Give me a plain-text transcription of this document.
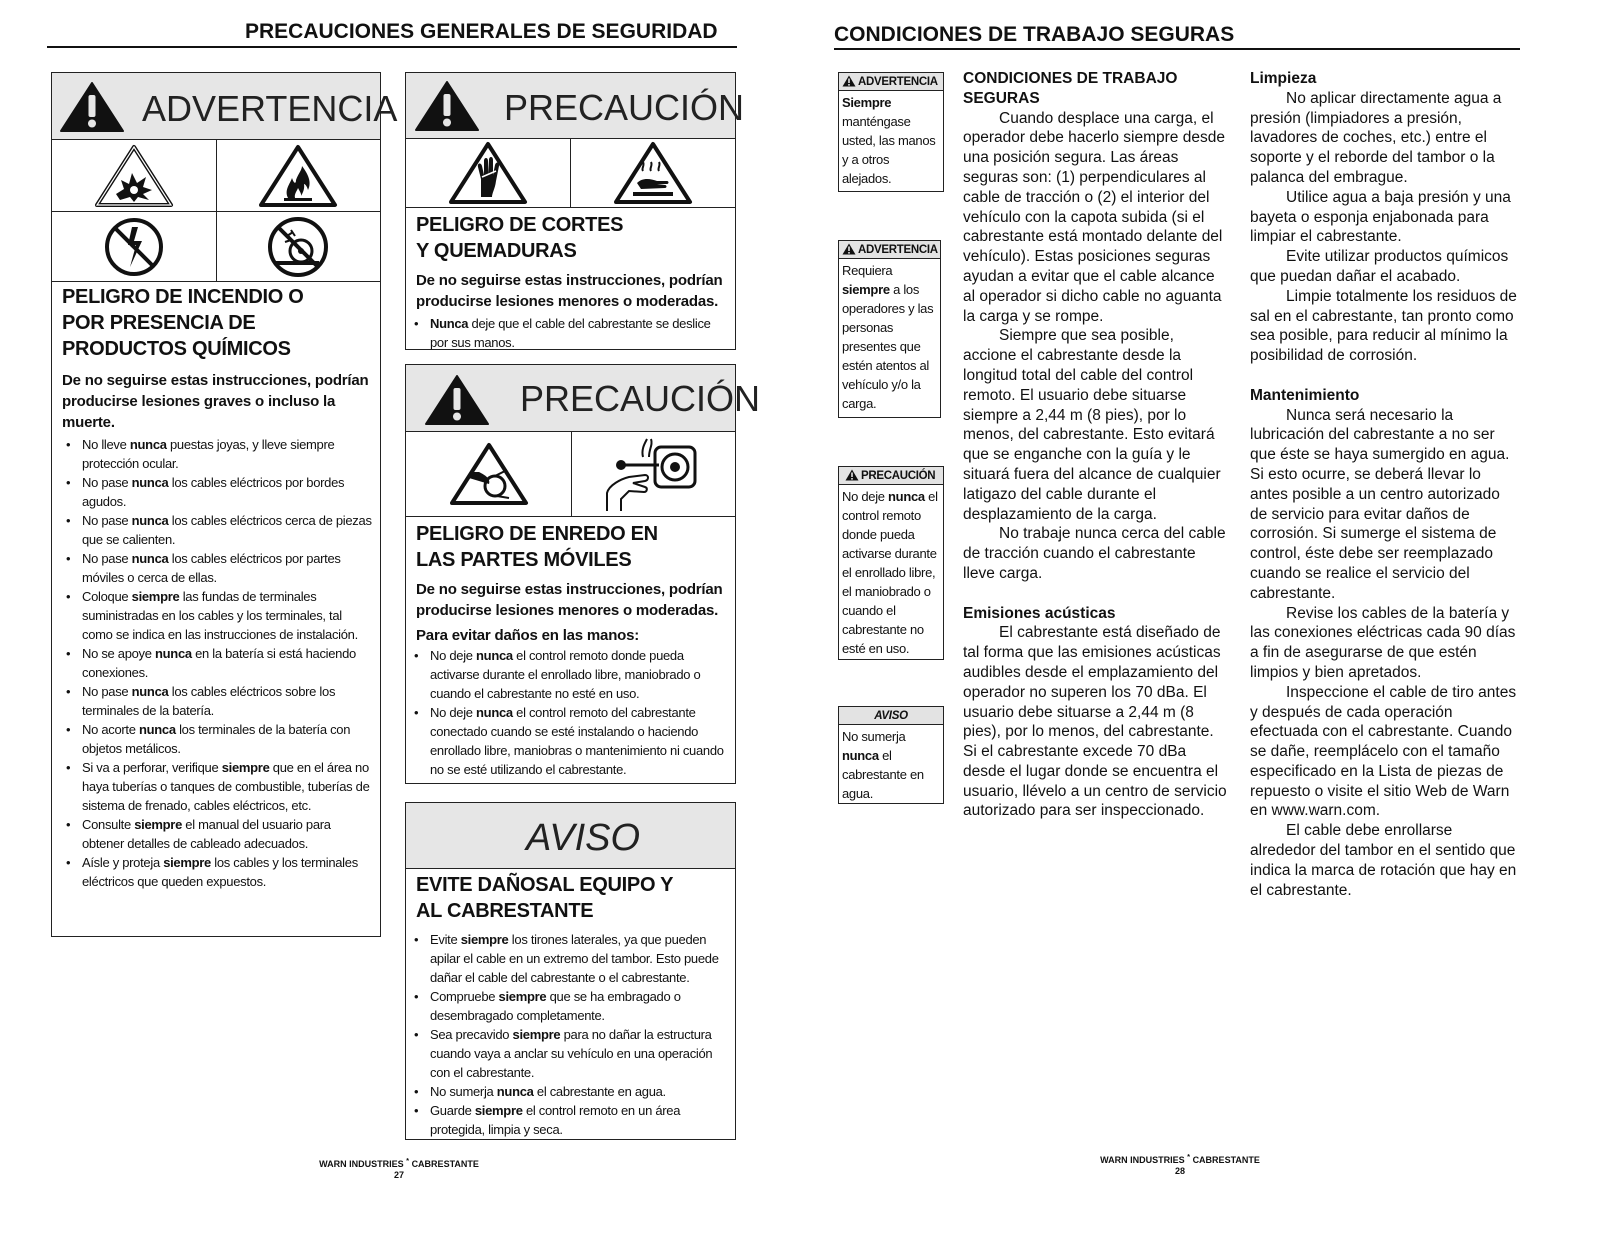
PRECAUCIONES GENERALES DE SEGURIDAD
ADVERTENCIA
PELIGRO DE INCENDIO O POR PRESENCIA DE PRODUCTOS QUÍMICOS
De no seguirse estas instrucciones, podrían producirse lesiones graves o incluso la muerte.
• No lleve nunca puestas joyas, y lleve siempre protección ocular.
• No pase nunca los cables eléctricos por bordes agudos.
• No pase nunca los cables eléctricos cerca de piezas que se calienten.
• No pase nunca los cables eléctricos por partes móviles o cerca de ellas.
• Coloque siempre las fundas de terminales suministradas en los cables y los terminales, tal como se indica en las instrucciones de instalación.
• No se apoye nunca en la batería si está haciendo conexiones.
• No pase nunca los cables eléctricos sobre los terminales de la batería.
• No acorte nunca los terminales de la batería con objetos metálicos.
• Si va a perforar, verifique siempre que en el área no haya tuberías o tanques de combustible, tuberías de sistema de frenado, cables eléctricos, etc.
• Consulte siempre el manual del usuario para obtener detalles de cableado adecuados.
• Aísle y proteja siempre los cables y los terminales eléctricos que queden expuestos.
PRECAUCIÓN
PELIGRO DE CORTES Y QUEMADURAS
De no seguirse estas instrucciones, podrían producirse lesiones menores o moderadas.
• Nunca deje que el cable del cabrestante se deslice por sus manos.
PRECAUCIÓN
PELIGRO DE ENREDO EN LAS PARTES MÓVILES
De no seguirse estas instrucciones, podrían producirse lesiones menores o moderadas.
Para evitar daños en las manos:
• No deje nunca el control remoto donde pueda activarse durante el enrollado libre, maniobrado o cuando el cabrestante no esté en uso.
• No deje nunca el control remoto del cabrestante conectado cuando se esté instalando o haciendo enrollado libre, maniobras o mantenimiento ni cuando no se esté utilizando el cabrestante.
AVISO
EVITE DAÑOSAL EQUIPO Y AL CABRESTANTE
• Evite siempre los tirones laterales, ya que pueden apilar el cable en un extremo del tambor. Esto puede dañar el cable del cabrestante o el cabrestante.
• Compruebe siempre que se ha embragado o desembragado completamente.
• Sea precavido siempre para no dañar la estructura cuando vaya a anclar su vehículo en una operación con el cabrestante.
• No sumerja nunca el cabrestante en agua.
• Guarde siempre el control remoto en un área protegida, limpia y seca.
WARN INDUSTRIES * CABRESTANTE
27
CONDICIONES DE TRABAJO SEGURAS
ADVERTENCIA
Siempre manténgase usted, las manos y a otros alejados.
ADVERTENCIA
Requiera siempre a los operadores y las personas presentes que estén atentos al vehículo y/o la carga.
PRECAUCIÓN
No deje nunca el control remoto donde pueda activarse durante el enrollado libre, el maniobrado o cuando el cabrestante no esté en uso.
AVISO
No sumerja nunca el cabrestante en agua.
CONDICIONES DE TRABAJO SEGURAS

Cuando desplace una carga, el operador debe hacerlo siempre desde una posición segura. Las áreas seguras son: (1) perpendiculares al cable de tracción o (2) el interior del vehículo con la capota subida (si el cabrestante está montado delante del vehículo). Estas posiciones seguras ayudan a evitar que el cable alcance al operador si dicho cable no aguanta la carga y se rompe.

Siempre que sea posible, accione el cabrestante desde la longitud total del cable del control remoto. El usuario debe situarse siempre a 2,44 m (8 pies), por lo menos, del cabrestante. Esto evitará que se enganche con la guía y le situará fuera del alcance de cualquier latigazo del cable durante el desplazamiento de la carga.

No trabaje nunca cerca del cable de tracción cuando el cabrestante lleve carga.

Emisiones acústicas

El cabrestante está diseñado de tal forma que las emisiones acústicas audibles desde el emplazamiento del operador no superen los 70 dBa. El usuario debe situarse a 2,44 m (8 pies), por lo menos, del cabrestante. Si el cabrestante excede 70 dBa desde el lugar donde se encuentra el usuario, llévelo a un centro de servicio autorizado para ser inspeccionado.

Limpieza

No aplicar directamente agua a presión (limpiadores a presión, lavadores de coches, etc.) entre el soporte y el reborde del tambor o la palanca del embrague.

Utilice agua a baja presión y una bayeta o esponja enjabonada para limpiar el cabrestante.

Evite utilizar productos químicos que puedan dañar el acabado.

Limpie totalmente los residuos de sal en el cabrestante, tan pronto como sea posible, para reducir al mínimo la posibilidad de corrosión.

Mantenimiento

Nunca será necesario la lubricación del cabrestante a no ser que éste se haya sumergido en agua. Si esto ocurre, se deberá llevar lo antes posible a un centro autorizado de servicio para evitar daños de corrosión. Si sumerge el sistema de control, éste debe ser reemplazado cuando se realice el servicio del cabrestante.

Revise los cables de la batería y las conexiones eléctricas cada 90 días a fin de asegurarse de que estén limpios y bien apretados.

Inspeccione el cable de tiro antes y después de cada operación efectuada con el cabrestante. Cuando se dañe, reemplácelo con el tamaño especificado en la Lista de piezas de repuesto o visite el sitio Web de Warn en www.warn.com.

El cable debe enrollarse alrededor del tambor en el sentido que indica la marca de rotación que hay en el cabrestante.

WARN INDUSTRIES * CABRESTANTE
28
